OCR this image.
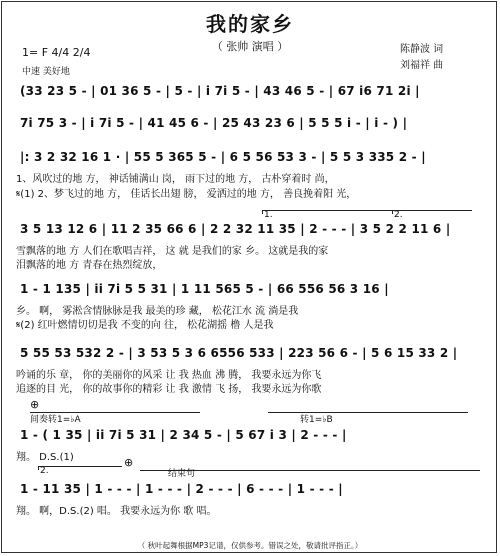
我的家乡
（ 张帅 演唱 ）	陈静波 词
刘福祥 曲
1= F 4/4 2/4
中速 美好地
(33 23 5 - | 01 36 5 - | 5 - | i 7i 5 - | 43 46 5 - | 67 i6 71 2i |
7i 75 3 - | i 7i 5 - | 41 45 6 - | 25 43 23 6 | 5 5 5 i - | i - ) |
|: 3 2 32 16 1 · | 55 5 365 5 - | 6 5 56 53 3 - | 5 5 3 335 2 - |
1、风吹过的地 方， 神话铺满山 岗， 雨下过的地 方， 古朴穿着时 尚，
𝄋(1) 2、梦飞过的地 方， 佳话长出翅 膀， 爱洒过的地 方， 善良挽着阳 光，
1.	2.
3 5 13 12 6 | 11 2 35 66 6 | 2 2 32 11 35 | 2 - - - | 3 5 2 2 11 6 |
雪飘落的地 方 人们在歌唱吉祥， 这 就 是我们的家 乡。 这就是我的家
泪飘落的地 方 青春在热烈绽放，
1 - 1 135 | ii 7i 5 5 31 | 1 11 565 5 - | 66 556 56 3 16 |
乡。 啊， 雾淞含情脉脉是我 最美的珍 藏， 松花江水 流 淌是我
𝄋(2) 红叶燃情切切是我 不变的向 往， 松花湖摇 橹 人是我
5 55 53 532 2 - | 3 53 5 3 6 6556 533 | 223 56 6 - | 5 6 15 33 2 |
吟诵的乐 章， 你的美丽你的风采 让 我 热血 沸 腾， 我要永远为你飞
追逐的目 光， 你的故事你的精彩 让 我 激情 飞 扬， 我要永远为你歌
⊕
间奏转1=♭A	转1=♭B
1 - ( 1 35 | ii 7i 5 31 | 2 34 5 - | 5 67 i 3 | 2 - - - |
翔。 D.S.(1)
2.
⊕
结束句
1 - 11 35 | 1 - - - | 1 - - - | 2 - - - | 6 - - - | 1 - - - |
翔。 啊，D.S.(2) 唱。 我要永远为你 歌 唱。
（ 秋叶起舞根据MP3记谱，仅供参考。错误之处，敬请批评指正。）
